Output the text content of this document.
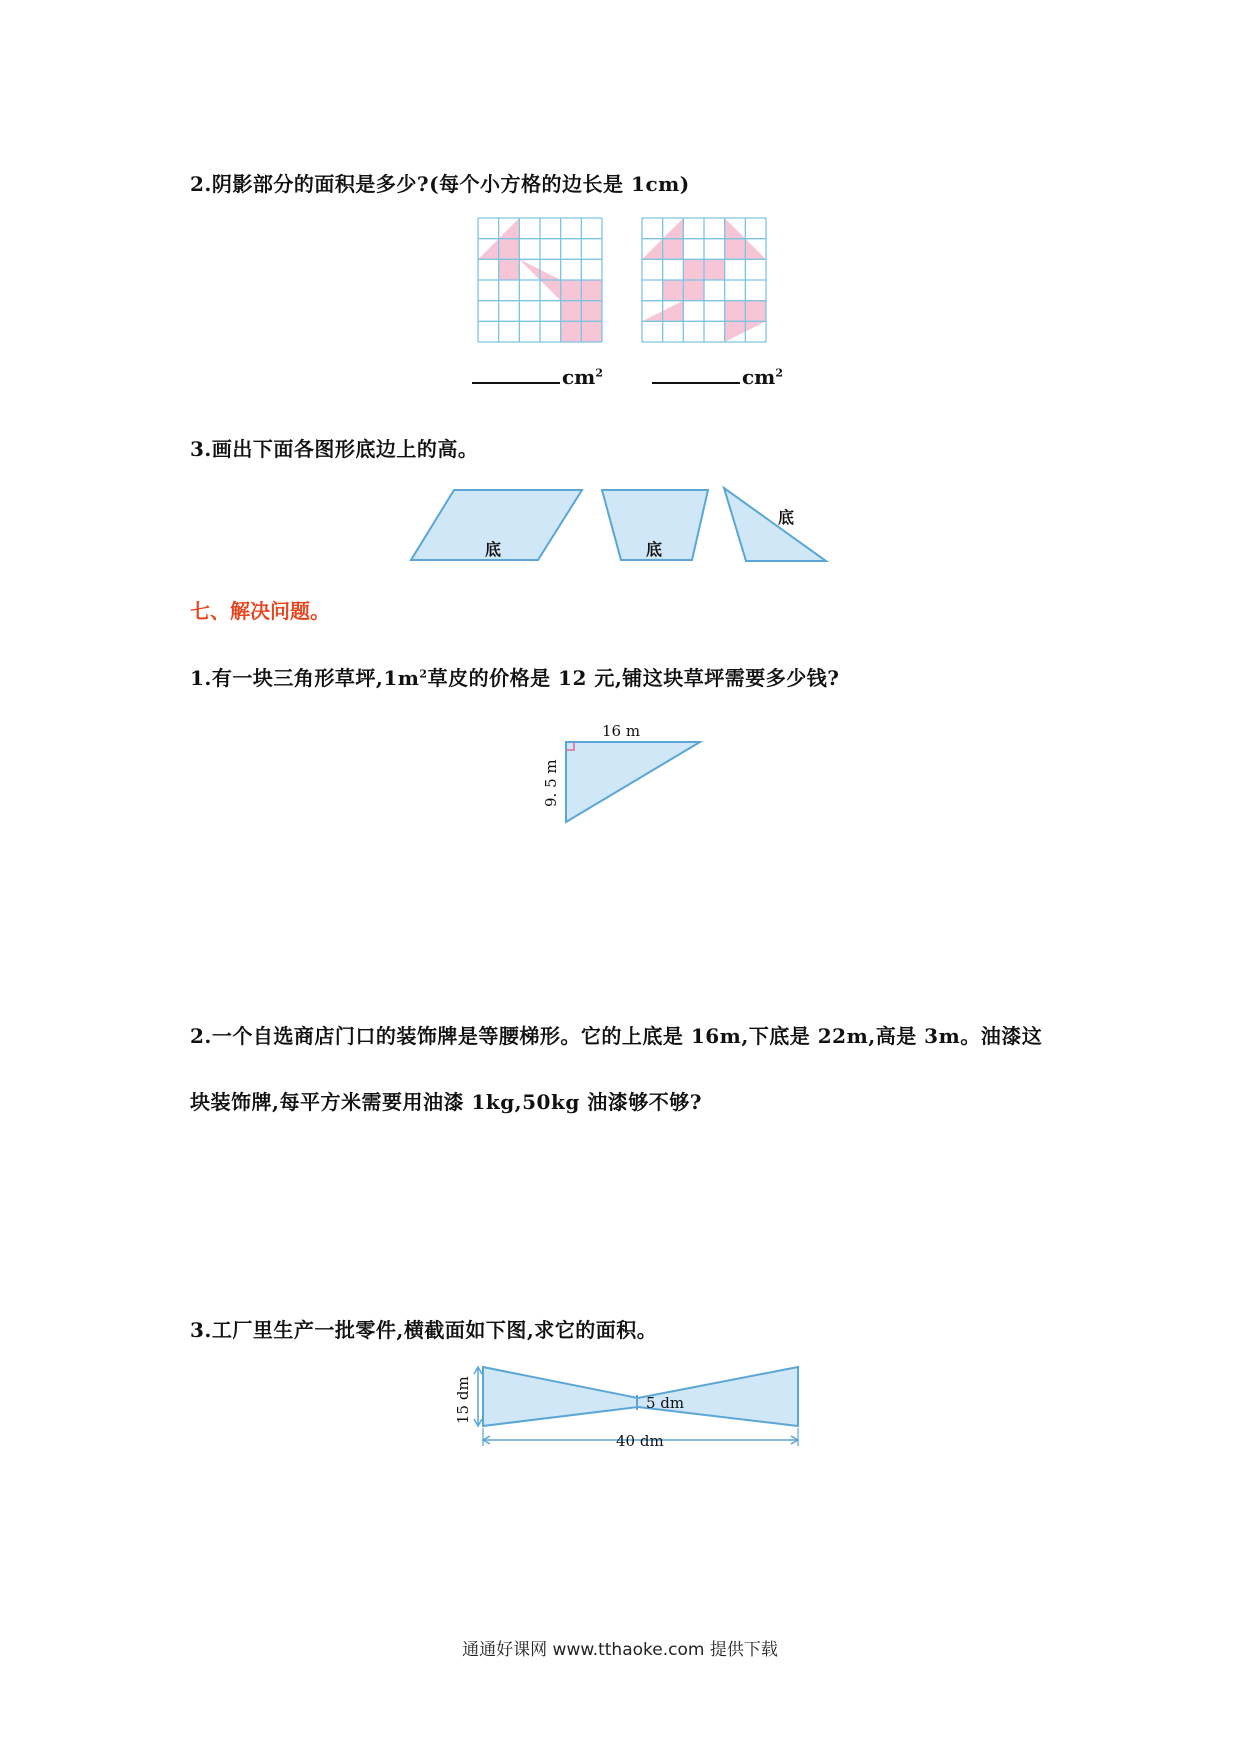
2.阴影部分的面积是多少?(每个小方格的边长是 1cm)

$cm^2$	$cm^2$

3.画出下面各图形底边上的高。

底	底
底

七、解决问题。

1.有一块三角形草坪$,1m^2$草皮的价格是 12 元,铺这块草坪需要多少钱?

16 m
9. 5 m

2.一个自选商店门口的装饰牌是等腰梯形。它的上底是 16m,下底是 22m,高是 3m。油漆这

块装饰牌,每平方米需要用油漆 1kg,50kg 油漆够不够?

3.工厂里生产一批零件,横截面如下图,求它的面积。

15 dm
40 dm
5 dm
通通好课网 www.tthaoke.com 提供下载
